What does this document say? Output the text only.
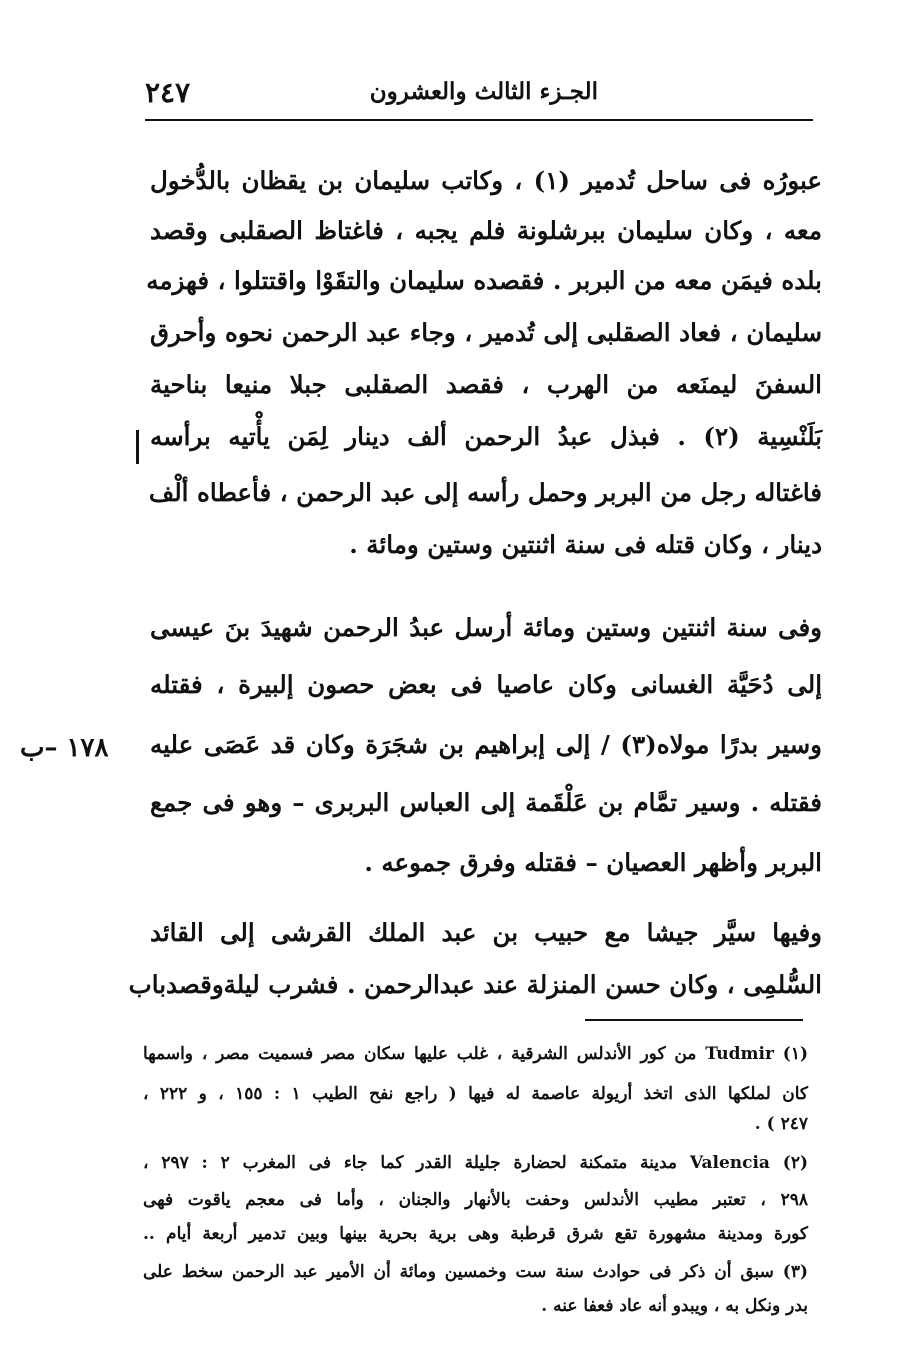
٢٤٧	الجـزء الثالث والعشرون
عبورُه فى ساحل تُدمير (١) ، وكاتب سليمان بن يقظان بالدُّخول
معه ، وكان سليمان ببرشلونة فلم يجبه ، فاغتاظ الصقلبى وقصد
بلده فيمَن معه من البربر . فقصده سليمان والتقَوْا واقتتلوا ، فهزمه
سليمان ، فعاد الصقلبى إلى تُدمير ، وجاء عبد الرحمن نحوه وأحرق
السفنَ ليمنَعه من الهرب ، فقصد الصقلبى جبلا منيعا بناحية
بَلَنْسِية (٢) . فبذل عبدُ الرحمن ألف دينار لِمَن يأْتيه برأسه
فاغتاله رجل من البربر وحمل رأسه إلى عبد الرحمن ، فأعطاه ألْف
دينار ، وكان قتله فى سنة اثنتين وستين ومائة .
وفى سنة اثنتين وستين ومائة أرسل عبدُ الرحمن شهيدَ بنَ عيسى
إلى دُحَيَّة الغسانى وكان عاصيا فى بعض حصون إلبيرة ، فقتله
وسير بدرًا مولاه(٣) / إلى إبراهيم بن شجَرَة وكان قد عَصَى عليه
فقتله . وسير تمَّام بن عَلْقَمة إلى العباس البربرى – وهو فى جمع
البربر وأظهر العصيان – فقتله وفرق جموعه .
وفيها سيَّر جيشا مع حبيب بن عبد الملك القرشى إلى القائد
السُّلمِى ، وكان حسن المنزلة عند عبدالرحمن . فشرب ليلةوقصدباب
١٧٨ –ب
(١) Tudmir من كور الأندلس الشرقية ، غلب عليها سكان مصر فسميت مصر ، واسمها
كان لملكها الذى اتخذ أريولة عاصمة له فيها ( راجع نفح الطيب ١ : ١٥٥ ، و ٢٢٢ ،
٢٤٧ ) .
(٢) Valencia مدينة متمكنة لحضارة جليلة القدر كما جاء فى المغرب ٢ : ٢٩٧ ،
٢٩٨ ، تعتبر مطيب الأندلس وحفت بالأنهار والجنان ، وأما فى معجم ياقوت فهى
كورة ومدينة مشهورة تقع شرق قرطبة وهى برية بحرية بينها وبين تدمير أربعة أيام ..
(٣) سبق أن ذكر فى حوادث سنة ست وخمسين ومائة أن الأمير عبد الرحمن سخط على
بدر ونكل به ، ويبدو أنه عاد فعفا عنه .
